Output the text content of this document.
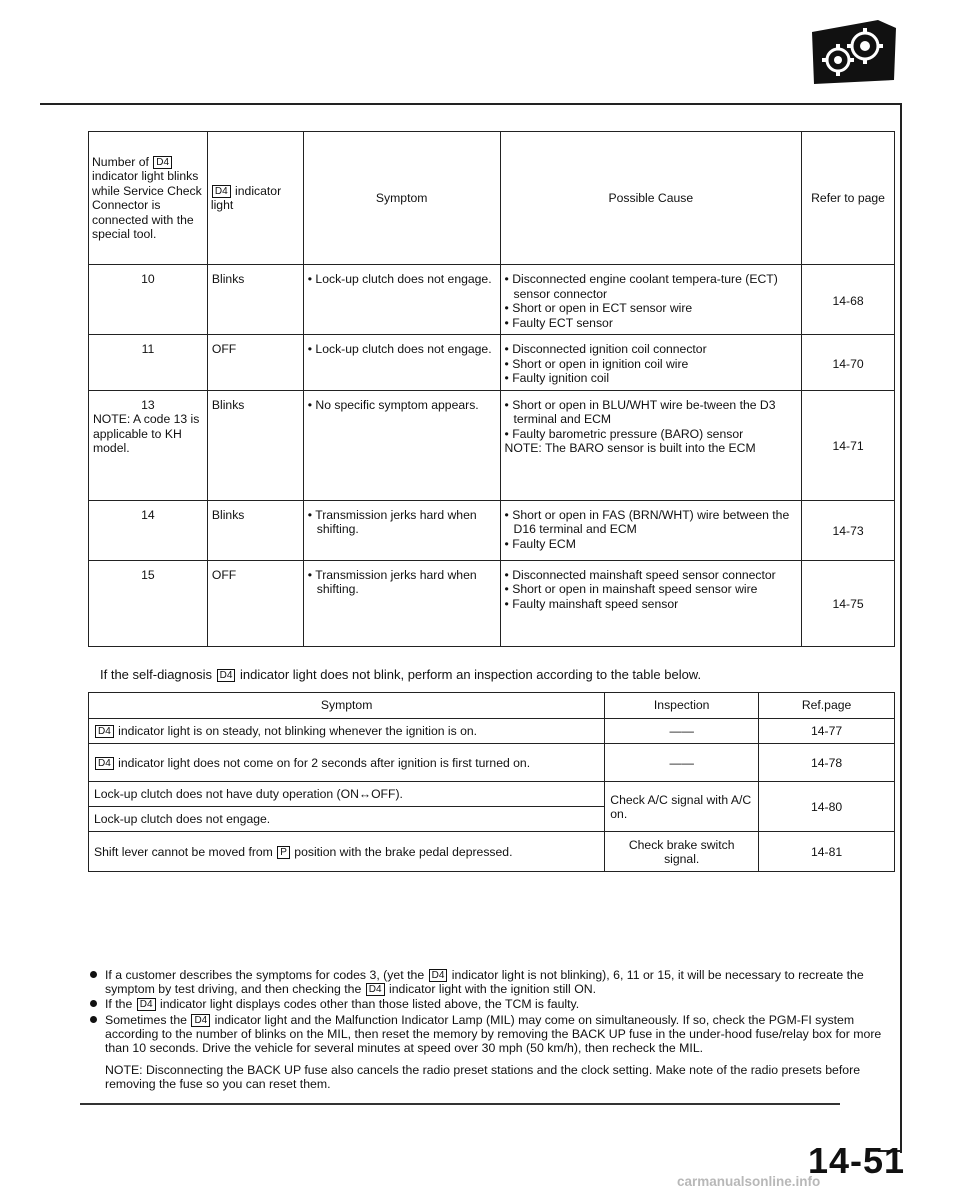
Number of D4 indicator light blinks while Service Check Connector is connected with the special tool.	D4 indicator light	Symptom	Possible Cause	Refer to page
10	Blinks	• Lock-up clutch does not engage.	• Disconnected engine coolant tempera-ture (ECT) sensor connector
• Short or open in ECT sensor wire
• Faulty ECT sensor	14-68
11	OFF	• Lock-up clutch does not engage.	• Disconnected ignition coil connector
• Short or open in ignition coil wire
• Faulty ignition coil	14-70
13
NOTE: A code 13 is applicable to KH model.	Blinks	• No specific symptom appears.	• Short or open in BLU/WHT wire be-tween the D3 terminal and ECM
• Faulty barometric pressure (BARO) sensor
NOTE: The BARO sensor is built into the ECM	14-71
14	Blinks	• Transmission jerks hard when shifting.	• Short or open in FAS (BRN/WHT) wire between the D16 terminal and ECM
• Faulty ECM	14-73
15	OFF	• Transmission jerks hard when shifting.	• Disconnected mainshaft speed sensor connector
• Short or open in mainshaft speed sensor wire
• Faulty mainshaft speed sensor	14-75
If the self-diagnosis D4 indicator light does not blink, perform an inspection according to the table below.
Symptom	Inspection	Ref.page
D4 indicator light is on steady, not blinking whenever the ignition is on.	——	14-77
D4 indicator light does not come on for 2 seconds after ignition is first turned on.	——	14-78
Lock-up clutch does not have duty operation (ON↔OFF).	Check A/C signal with A/C on.	14-80
Lock-up clutch does not engage.		
Shift lever cannot be moved from P position with the brake pedal depressed.	Check brake switch signal.	14-81

If a customer describes the symptoms for codes 3, (yet the D4 indicator light is not blinking), 6, 11 or 15, it will be necessary to recreate the symptom by test driving, and then checking the D4 indicator light with the ignition still ON.

If the D4 indicator light displays codes other than those listed above, the TCM is faulty.

Sometimes the D4 indicator light and the Malfunction Indicator Lamp (MIL) may come on simultaneously. If so, check the PGM-FI system according to the number of blinks on the MIL, then reset the memory by removing the BACK UP fuse in the under-hood fuse/relay box for more than 10 seconds. Drive the vehicle for several minutes at speed over 30 mph (50 km/h), then recheck the MIL.

NOTE: Disconnecting the BACK UP fuse also cancels the radio preset stations and the clock setting. Make note of the radio presets before removing the fuse so you can reset them.
14-51
carmanualsonline.info
